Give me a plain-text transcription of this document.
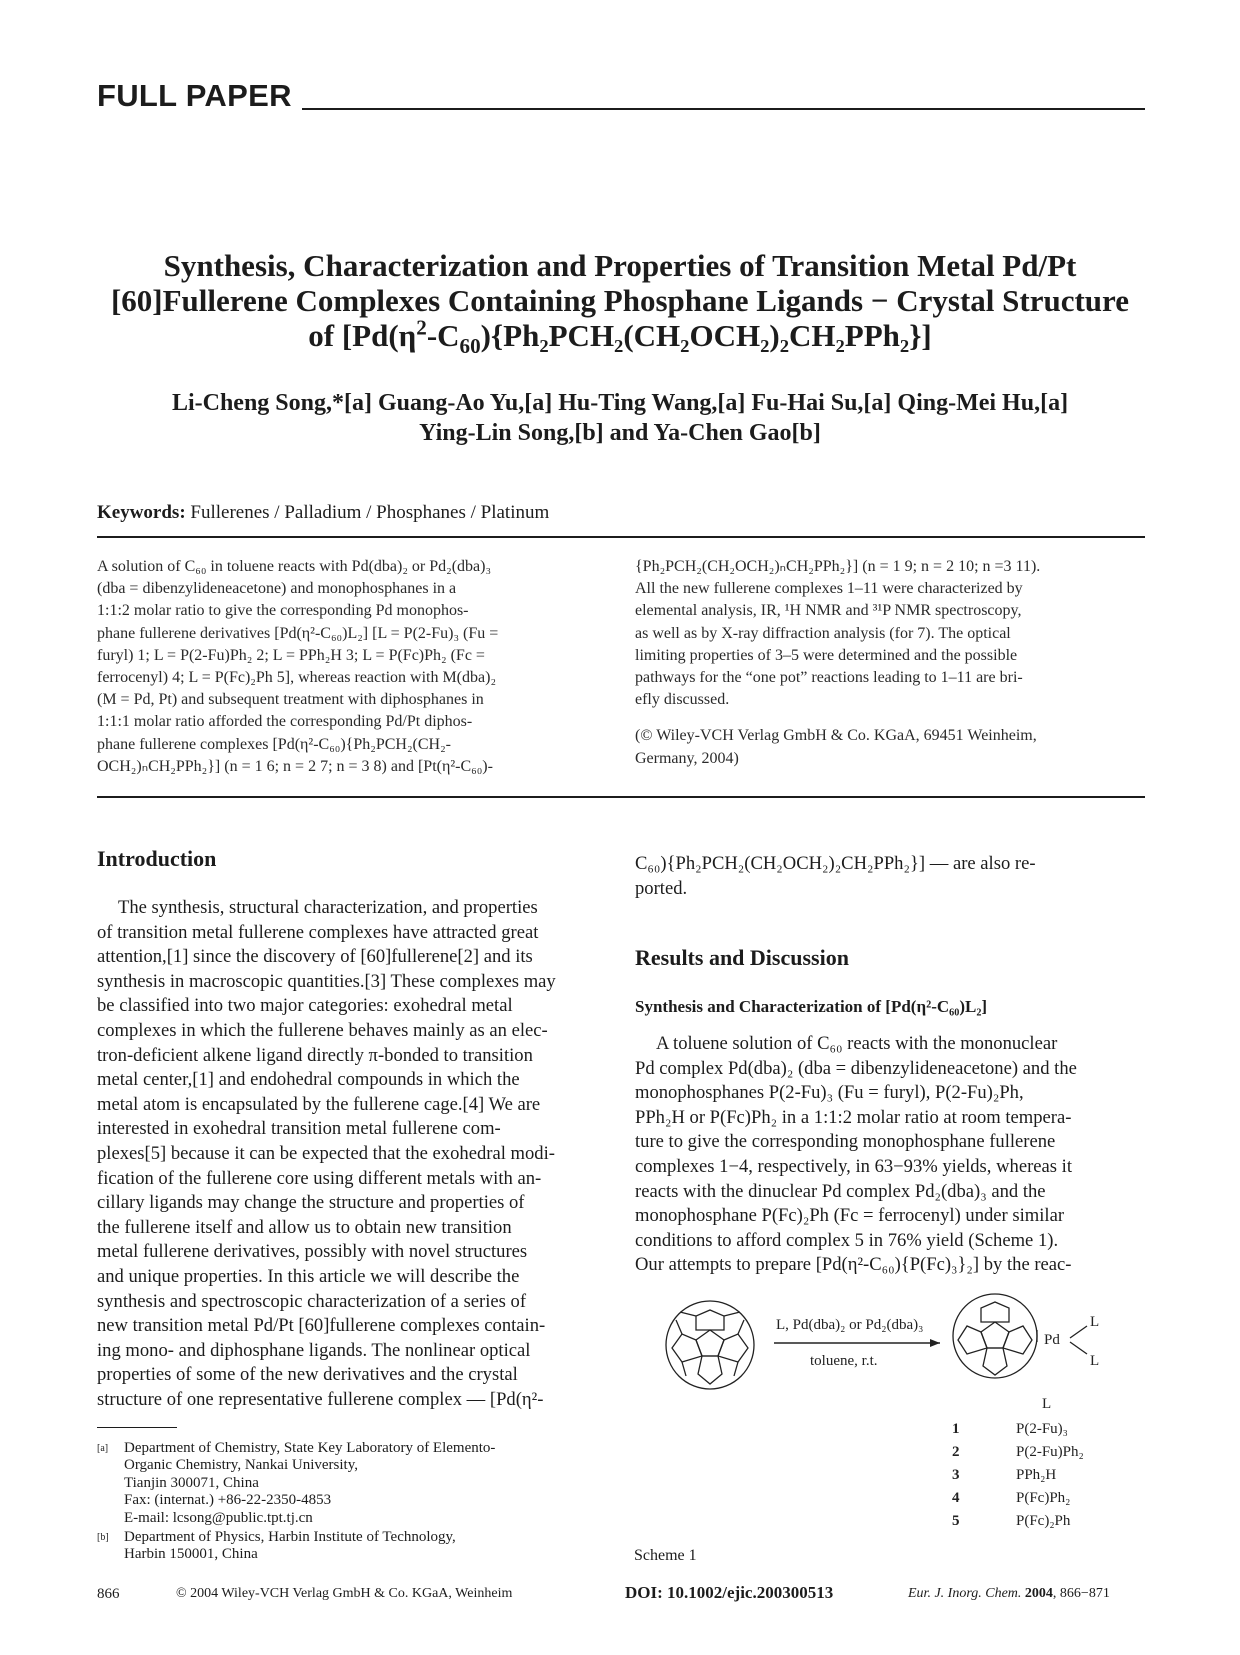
FULL PAPER
Synthesis, Characterization and Properties of Transition Metal Pd/Pt
[60]Fullerene Complexes Containing Phosphane Ligands − Crystal Structure
of $[Pd(\eta^2-C_{60})\{Ph_2PCH_2(CH_2OCH_2)_2CH_2PPh_2\}]$
Li-Cheng Song,*[a] Guang-Ao Yu,[a] Hu-Ting Wang,[a] Fu-Hai Su,[a] Qing-Mei Hu,[a]
Ying-Lin Song,[b] and Ya-Chen Gao[b]
Keywords: Fullerenes / Palladium / Phosphanes / Platinum
A solution of C₆₀ in toluene reacts with Pd(dba)₂ or Pd₂(dba)₃
(dba = dibenzylideneacetone) and monophosphanes in a
1:1:2 molar ratio to give the corresponding Pd monophos-
phane fullerene derivatives [Pd(η²-C₆₀)L₂] [L = P(2-Fu)₃ (Fu =
furyl) 1; L = P(2-Fu)Ph₂ 2; L = PPh₂H 3; L = P(Fc)Ph₂ (Fc =
ferrocenyl) 4; L = P(Fc)₂Ph 5], whereas reaction with M(dba)₂
(M = Pd, Pt) and subsequent treatment with diphosphanes in
1:1:1 molar ratio afforded the corresponding Pd/Pt diphos-
phane fullerene complexes [Pd(η²-C₆₀){Ph₂PCH₂(CH₂-
OCH₂)ₙCH₂PPh₂}] (n = 1 6; n = 2 7; n = 3 8) and [Pt(η²-C₆₀)-
{Ph₂PCH₂(CH₂OCH₂)ₙCH₂PPh₂}] (n = 1 9; n = 2 10; n =3 11).
All the new fullerene complexes 1–11 were characterized by
elemental analysis, IR, ¹H NMR and ³¹P NMR spectroscopy,
as well as by X-ray diffraction analysis (for 7). The optical
limiting properties of 3–5 were determined and the possible
pathways for the “one pot” reactions leading to 1–11 are bri-
efly discussed.
(© Wiley-VCH Verlag GmbH & Co. KGaA, 69451 Weinheim,
Germany, 2004)
Introduction
The synthesis, structural characterization, and properties
of transition metal fullerene complexes have attracted great
attention,[1] since the discovery of [60]fullerene[2] and its
synthesis in macroscopic quantities.[3] These complexes may
be classified into two major categories: exohedral metal
complexes in which the fullerene behaves mainly as an elec-
tron-deficient alkene ligand directly π-bonded to transition
metal center,[1] and endohedral compounds in which the
metal atom is encapsulated by the fullerene cage.[4] We are
interested in exohedral transition metal fullerene com-
plexes[5] because it can be expected that the exohedral modi-
fication of the fullerene core using different metals with an-
cillary ligands may change the structure and properties of
the fullerene itself and allow us to obtain new transition
metal fullerene derivatives, possibly with novel structures
and unique properties. In this article we will describe the
synthesis and spectroscopic characterization of a series of
new transition metal Pd/Pt [60]fullerene complexes contain-
ing mono- and diphosphane ligands. The nonlinear optical
properties of some of the new derivatives and the crystal
structure of one representative fullerene complex — [Pd(η²-
[a] Department of Chemistry, State Key Laboratory of Elemento-
Organic Chemistry, Nankai University,
Tianjin 300071, China
Fax: (internat.) +86-22-2350-4853
E-mail: lcsong@public.tpt.tj.cn
[b] Department of Physics, Harbin Institute of Technology,
Harbin 150001, China
C₆₀){Ph₂PCH₂(CH₂OCH₂)₂CH₂PPh₂}] — are also re-
ported.
Results and Discussion
Synthesis and Characterization of [Pd(η²-C₆₀)L₂]
A toluene solution of C₆₀ reacts with the mononuclear
Pd complex Pd(dba)₂ (dba = dibenzylideneacetone) and the
monophosphanes P(2-Fu)₃ (Fu = furyl), P(2-Fu)₂Ph,
PPh₂H or P(Fc)Ph₂ in a 1:1:2 molar ratio at room tempera-
ture to give the corresponding monophosphane fullerene
complexes 1−4, respectively, in 63−93% yields, whereas it
reacts with the dinuclear Pd complex Pd₂(dba)₃ and the
monophosphane P(Fc)₂Ph (Fc = ferrocenyl) under similar
conditions to afford complex 5 in 76% yield (Scheme 1).
Our attempts to prepare [Pd(η²-C₆₀){P(Fc)₃}₂] by the reac-
L, Pd(dba)₂ or Pd₂(dba)₃
toluene, r.t.
Pd
L
L
L
1	P(2-Fu)₃
2	P(2-Fu)Ph₂
3	PPh₂H
4	P(Fc)Ph₂
5	P(Fc)₂Ph
Scheme 1
866	© 2004 Wiley-VCH Verlag GmbH & Co. KGaA, Weinheim	DOI: 10.1002/ejic.200300513	Eur. J. Inorg. Chem. 2004, 866−871
